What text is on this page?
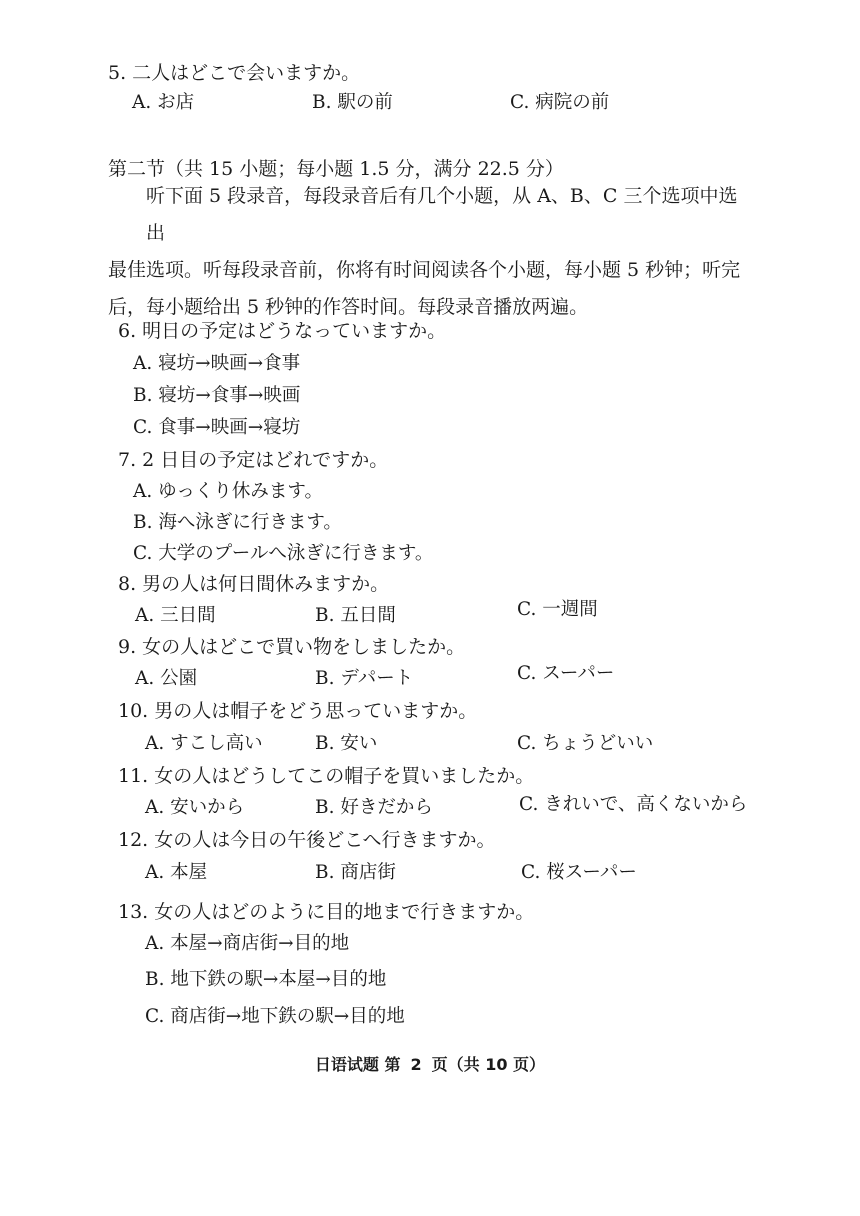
5. 二人はどこで会いますか。
A. お店	B. 駅の前	C. 病院の前
第二节（共 15 小题；每小题 1.5 分，满分 22.5 分）
听下面 5 段录音，每段录音后有几个小题，从 A、B、C 三个选项中选出
最佳选项。听每段录音前，你将有时间阅读各个小题，每小题 5 秒钟；听完
后，每小题给出 5 秒钟的作答时间。每段录音播放两遍。
6. 明日の予定はどうなっていますか。
A. 寝坊→映画→食事
B. 寝坊→食事→映画
C. 食事→映画→寝坊
7. 2 日目の予定はどれですか。
A. ゆっくり休みます。
B. 海へ泳ぎに行きます。
C. 大学のプールへ泳ぎに行きます。
8. 男の人は何日間休みますか。
A. 三日間	B. 五日間	C. 一週間
9. 女の人はどこで買い物をしましたか。
A. 公園	B. デパート	C. スーパー
10. 男の人は帽子をどう思っていますか。
A. すこし高い	B. 安い	C. ちょうどいい
11. 女の人はどうしてこの帽子を買いましたか。
A. 安いから	B. 好きだから	C. きれいで、高くないから
12. 女の人は今日の午後どこへ行きますか。
A. 本屋	B. 商店街	C. 桜スーパー
13. 女の人はどのように目的地まで行きますか。
A. 本屋→商店街→目的地
B. 地下鉄の駅→本屋→目的地
C. 商店街→地下鉄の駅→目的地
日语试题 第 2 页（共 10 页）
